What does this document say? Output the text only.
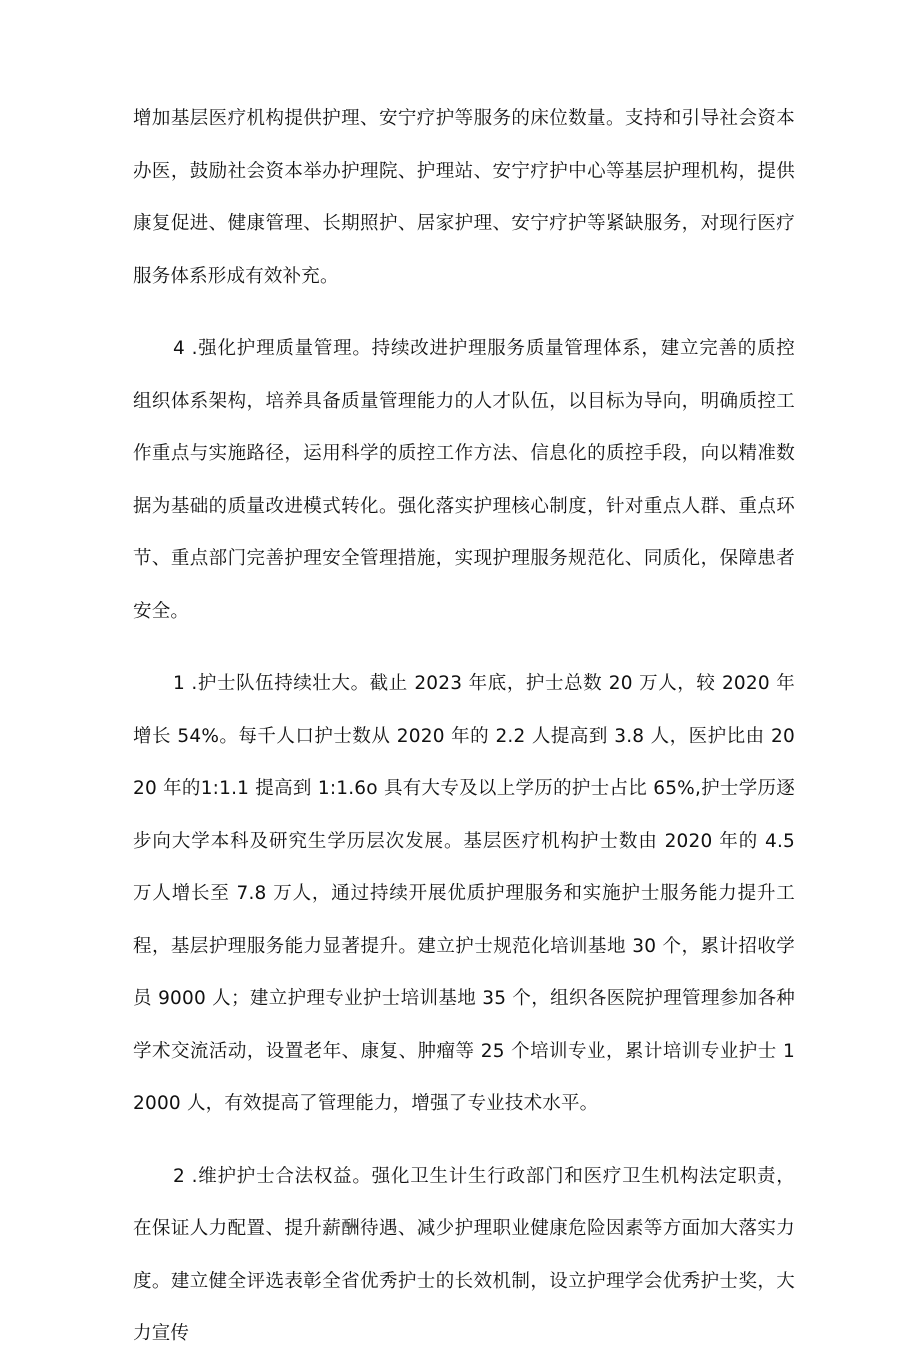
增加基层医疗机构提供护理、安宁疗护等服务的床位数量。支持和引导社会资本办医，鼓励社会资本举办护理院、护理站、安宁疗护中心等基层护理机构，提供康复促进、健康管理、长期照护、居家护理、安宁疗护等紧缺服务，对现行医疗服务体系形成有效补充。

4 .强化护理质量管理。持续改进护理服务质量管理体系，建立完善的质控组织体系架构，培养具备质量管理能力的人才队伍，以目标为导向，明确质控工作重点与实施路径，运用科学的质控工作方法、信息化的质控手段，向以精准数据为基础的质量改进模式转化。强化落实护理核心制度，针对重点人群、重点环节、重点部门完善护理安全管理措施，实现护理服务规范化、同质化，保障患者安全。

1 .护士队伍持续壮大。截止 2023 年底，护士总数 20 万人，较 2020 年增长 54%。每千人口护士数从 2020 年的 2.2 人提高到 3.8 人，医护比由 2020 年的1:1.1 提高到 1:1.6o 具有大专及以上学历的护士占比 65%,护士学历逐步向大学本科及研究生学历层次发展。基层医疗机构护士数由 2020 年的 4.5 万人增长至 7.8 万人，通过持续开展优质护理服务和实施护士服务能力提升工程，基层护理服务能力显著提升。建立护士规范化培训基地 30 个，累计招收学员 9000 人；建立护理专业护士培训基地 35 个，组织各医院护理管理参加各种学术交流活动，设置老年、康复、肿瘤等 25 个培训专业，累计培训专业护士 12000 人，有效提高了管理能力，增强了专业技术水平。

2 .维护护士合法权益。强化卫生计生行政部门和医疗卫生机构法定职责，在保证人力配置、提升薪酬待遇、减少护理职业健康危险因素等方面加大落实力度。建立健全评选表彰全省优秀护士的长效机制，设立护理学会优秀护士奖，大力宣传
